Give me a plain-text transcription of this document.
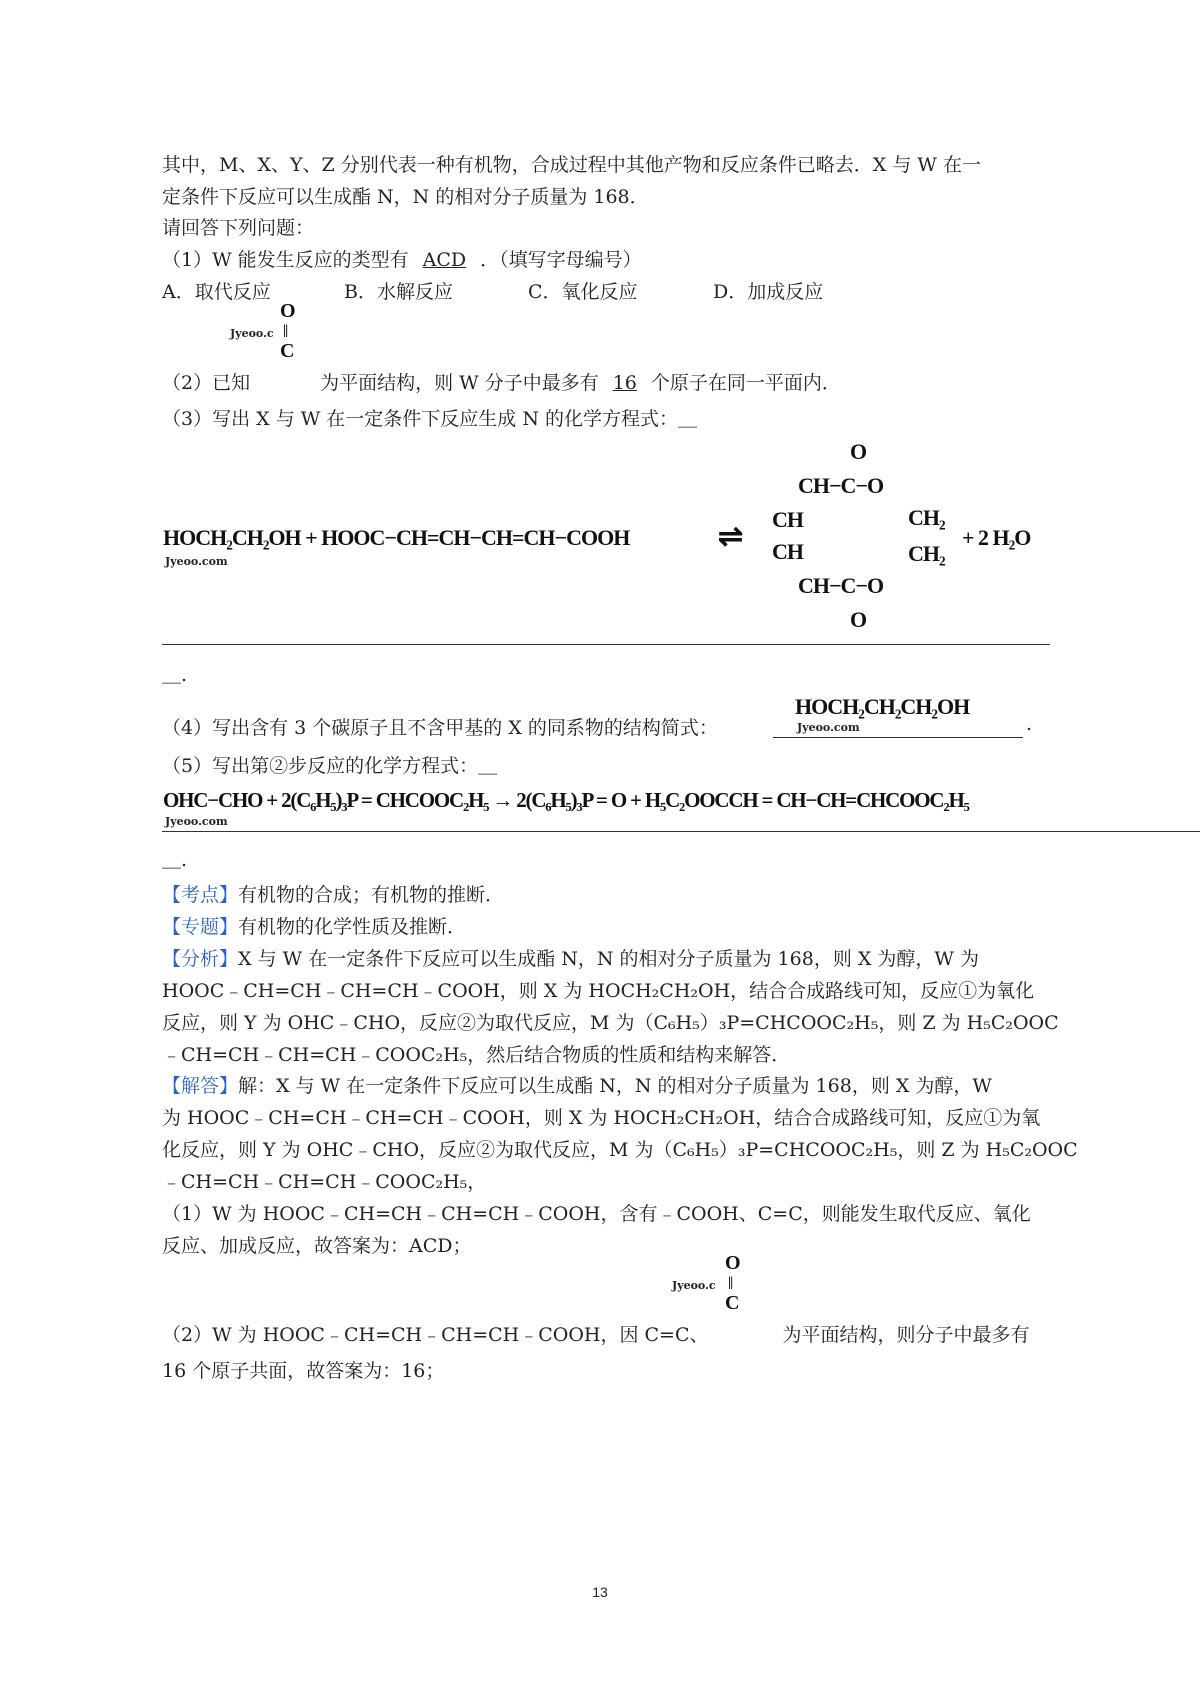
其中，M、X、Y、Z 分别代表一种有机物，合成过程中其他产物和反应条件已略去．X 与 W 在一
定条件下反应可以生成酯 N，N 的相对分子质量为 168．
请回答下列问题：
（1）W 能发生反应的类型有 ACD ．（填写字母编号）
A．取代反应	B．水解反应	C．氧化反应	D．加成反应
O
||
C
Jyeoo.c
（2）已知	为平面结构，则 W 分子中最多有 16 个原子在同一平面内．
（3）写出 X 与 W 在一定条件下反应生成 N 的化学方程式：＿
HOCH₂CH₂OH + HOOC−CH=CH−CH=CH−COOH
Jyeoo.com
⇌
O
CH−C−O
CH	CH₂
CH	CH₂
CH−C−O
O
+ 2 H₂O
＿.
（4）写出含有 3 个碳原子且不含甲基的 X 的同系物的结构简式：
HOCH₂CH₂CH₂OH
Jyeoo.com	.
（5）写出第②步反应的化学方程式：＿
OHC−CHO + 2(C₆H₅)₃P = CHCOOC₂H₅ → 2(C₆H₅)₃P = O + H₅C₂OOCCH = CH−CH=CHCOOC₂H₅
Jyeoo.com
＿.
【考点】有机物的合成；有机物的推断．
【专题】有机物的化学性质及推断．
【分析】X 与 W 在一定条件下反应可以生成酯 N，N 的相对分子质量为 168，则 X 为醇，W 为
HOOC﹣CH=CH﹣CH=CH﹣COOH，则 X 为 HOCH₂CH₂OH，结合合成路线可知，反应①为氧化
反应，则 Y 为 OHC﹣CHO，反应②为取代反应，M 为（C₆H₅）₃P=CHCOOC₂H₅，则 Z 为 H₅C₂OOC
﹣CH=CH﹣CH=CH﹣COOC₂H₅，然后结合物质的性质和结构来解答．
【解答】解：X 与 W 在一定条件下反应可以生成酯 N，N 的相对分子质量为 168，则 X 为醇，W
为 HOOC﹣CH=CH﹣CH=CH﹣COOH，则 X 为 HOCH₂CH₂OH，结合合成路线可知，反应①为氧
化反应，则 Y 为 OHC﹣CHO，反应②为取代反应，M 为（C₆H₅）₃P=CHCOOC₂H₅，则 Z 为 H₅C₂OOC
﹣CH=CH﹣CH=CH﹣COOC₂H₅，
（1）W 为 HOOC﹣CH=CH﹣CH=CH﹣COOH，含有﹣COOH、C=C，则能发生取代反应、氧化
反应、加成反应，故答案为：ACD；
O
||
C
Jyeoo.c
（2）W 为 HOOC﹣CH=CH﹣CH=CH﹣COOH，因 C=C、	为平面结构，则分子中最多有
16 个原子共面，故答案为：16；
13
